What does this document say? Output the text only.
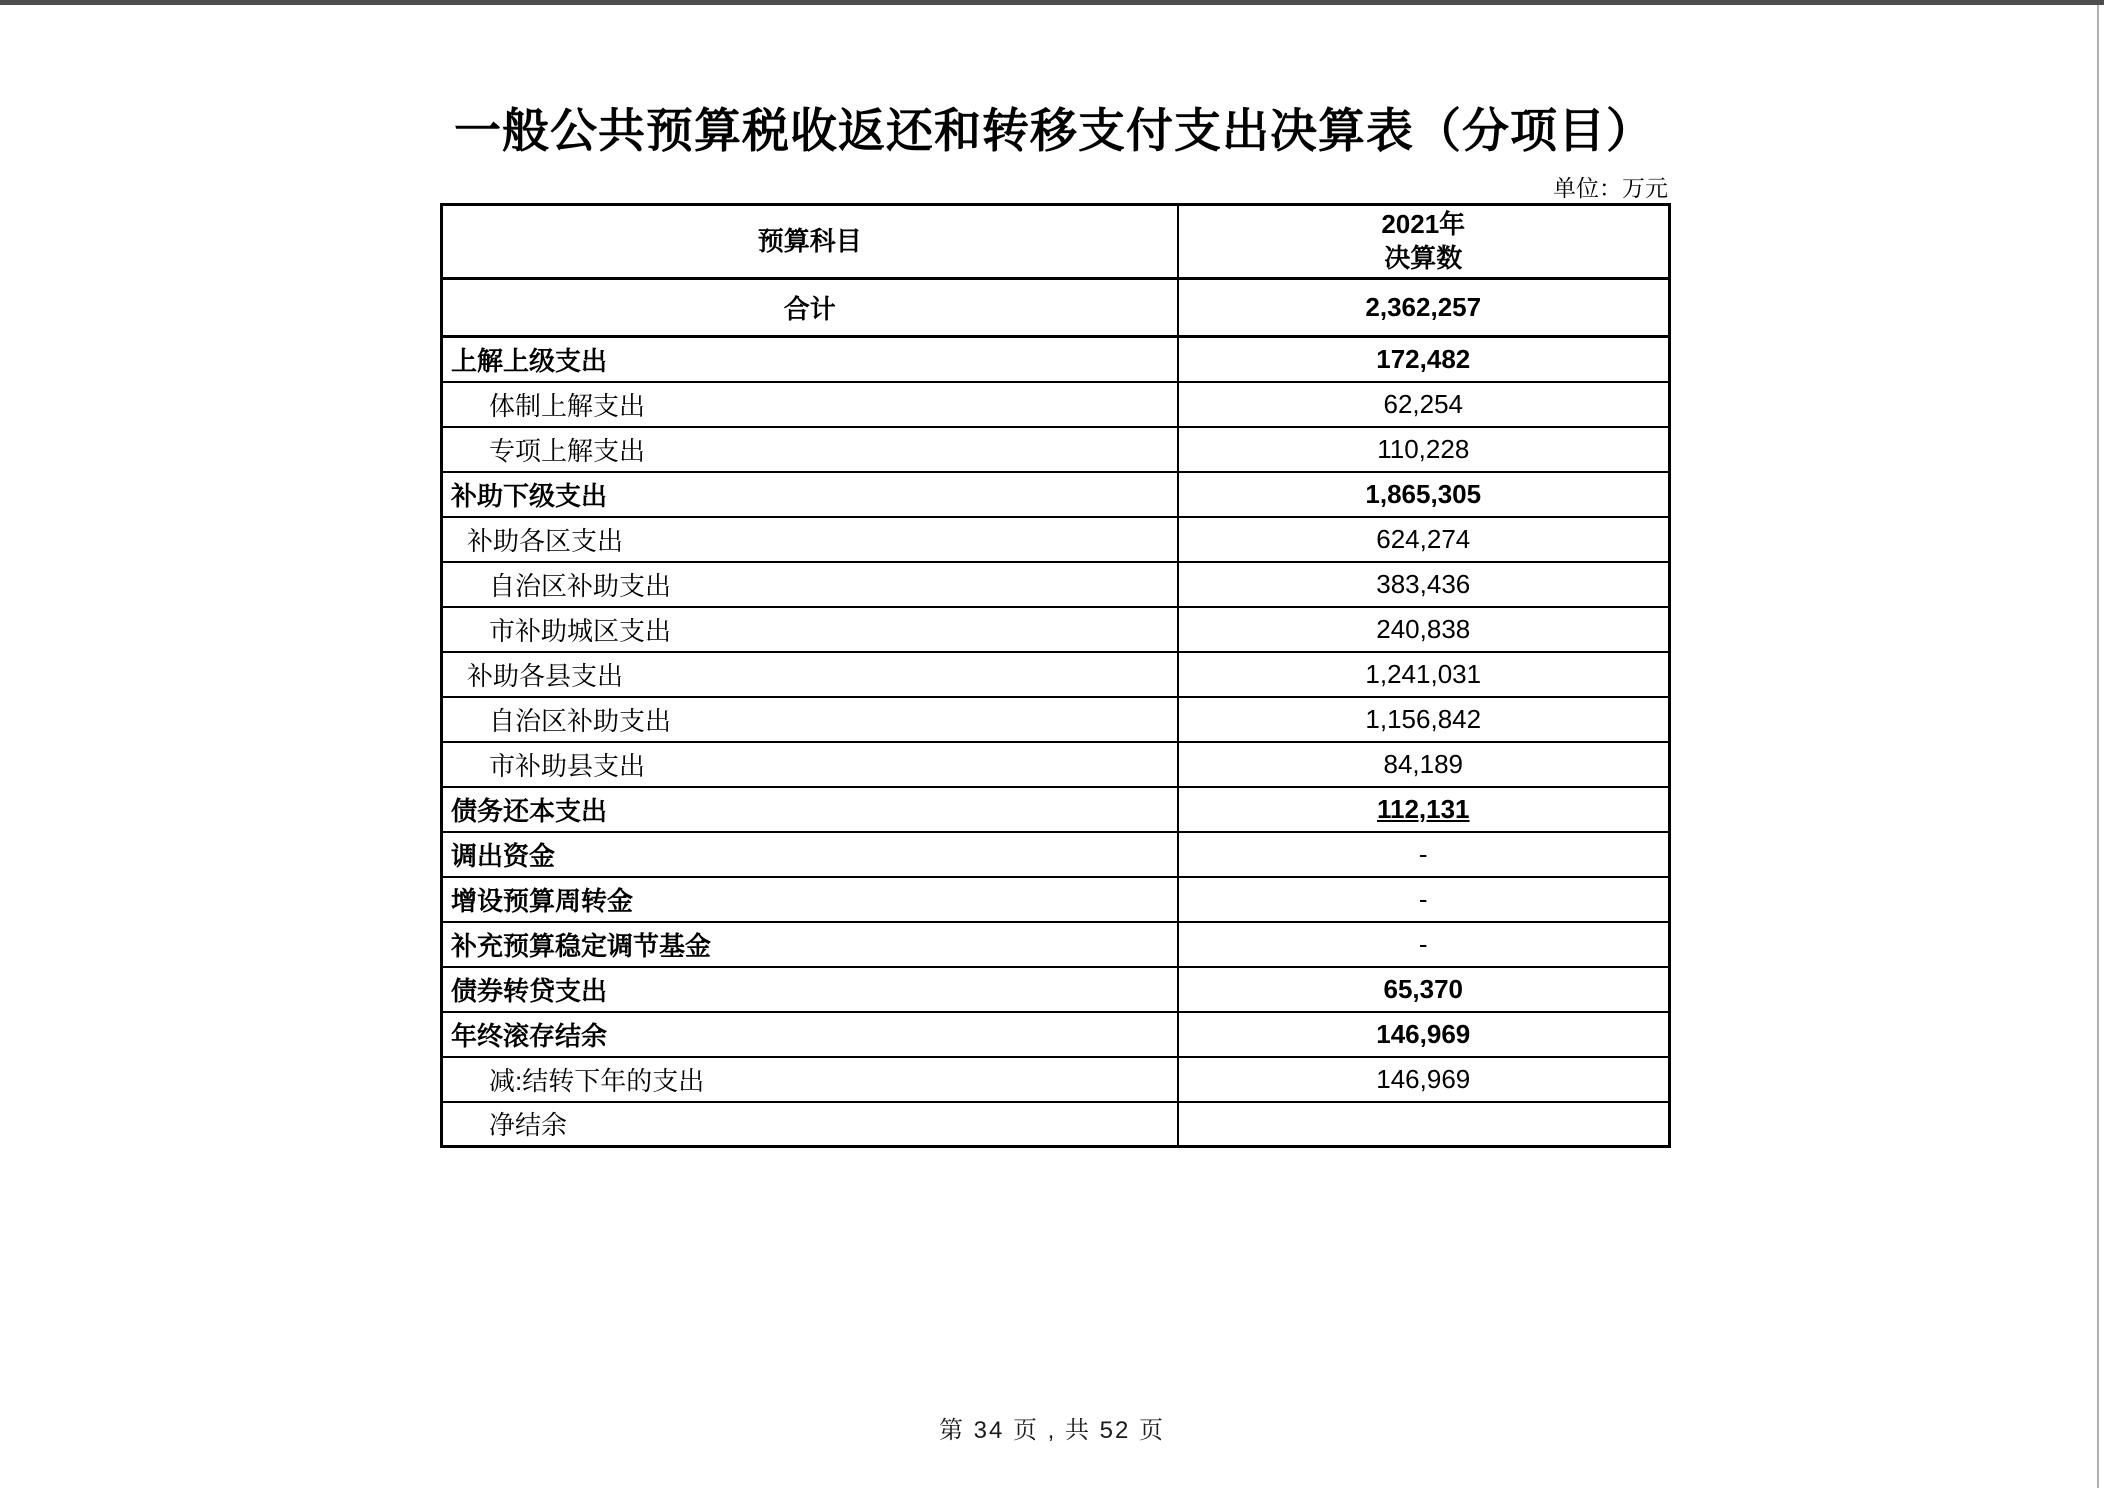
一般公共预算税收返还和转移支付支出决算表（分项目）
单位：万元
预算科目	2021年
决算数

合计	2,362,257
上解上级支出	172,482
体制上解支出	62,254
专项上解支出	110,228
补助下级支出	1,865,305
补助各区支出	624,274
自治区补助支出	383,436
市补助城区支出	240,838
补助各县支出	1,241,031
自治区补助支出	1,156,842
市补助县支出	84,189
债务还本支出	112,131
调出资金	-
增设预算周转金	-
补充预算稳定调节基金	-
债券转贷支出	65,370
年终滚存结余	146,969
减:结转下年的支出	146,969
净结余	
第 34 页 , 共 52 页
